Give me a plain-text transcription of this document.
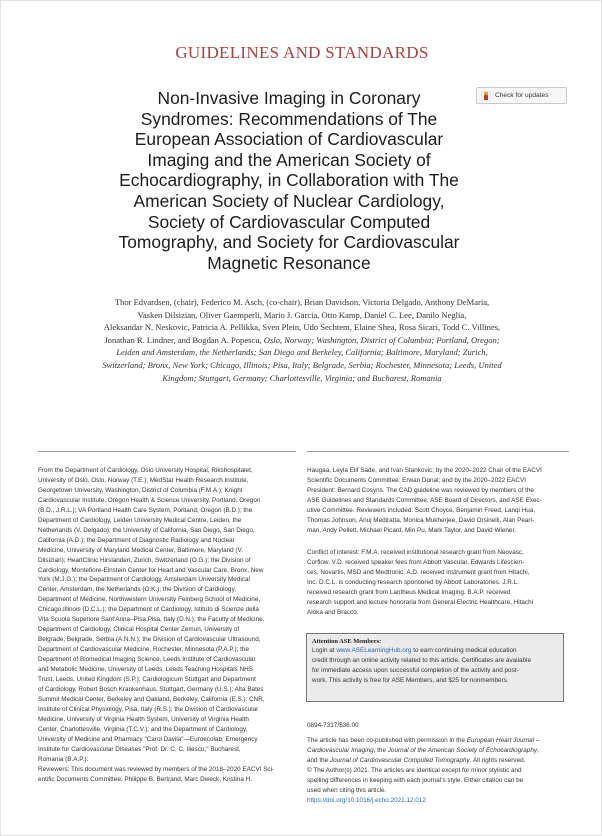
GUIDELINES AND STANDARDS
Check for updates
Non-Invasive Imaging in Coronary
Syndromes: Recommendations of The
European Association of Cardiovascular
Imaging and the American Society of
Echocardiography, in Collaboration with The
American Society of Nuclear Cardiology,
Society of Cardiovascular Computed
Tomography, and Society for Cardiovascular
Magnetic Resonance
Thor Edvardsen, (chair), Federico M. Asch, (co-chair), Brian Davidson, Victoria Delgado, Anthony DeMaria,
Vasken Dilsizian, Oliver Gaemperli, Mario J. Garcia, Otto Kamp, Daniel C. Lee, Danilo Neglia,
Aleksandar N. Neskovic, Patricia A. Pellikka, Sven Plein, Udo Sechtem, Elaine Shea, Rosa Sicari, Todd C. Villines,
Jonathan R. Lindner, and Bogdan A. Popescu, Oslo, Norway; Washington, District of Columbia; Portland, Oregon;
Leiden and Amsterdam, the Netherlands; San Diego and Berkeley, California; Baltimore, Maryland; Zurich,
Switzerland; Bronx, New York; Chicago, Illinois; Pisa, Italy; Belgrade, Serbia; Rochester, Minnesota; Leeds, United
Kingdom; Stuttgart, Germany; Charlottesville, Virginia; and Bucharest, Romania
From the Department of Cardiology, Oslo University Hospital, Rikshospitalet,
University of Oslo, Oslo, Norway (T.E.); MedStar Health Research Institute,
Georgetown University, Washington, District of Columbia (F.M.A.); Knight
Cardiovascular Institute, Oregon Health & Science University, Portland, Oregon
(B.D., J.R.L.); VA Portland Health Care System, Portland, Oregon (B.D.); the
Department of Cardiology, Leiden University Medical Centre, Leiden, the
Netherlands (V. Delgado); the University of California, San Diego, San Diego,
California (A.D.); the Department of Diagnostic Radiology and Nuclear
Medicine, University of Maryland Medical Center, Baltimore, Maryland (V.
Dilsizian); HeartClinic Hirslanden, Zurich, Switzerland (O.G.); the Division of
Cardiology, Montefiore-Einstein Center for Heart and Vascular Care, Bronx, New
York (M.J.G.); the Department of Cardiology, Amsterdam University Medical
Center, Amsterdam, the Netherlands (O.K.); the Division of Cardiology,
Department of Medicine, Northwestern University Feinberg School of Medicine,
Chicago,Illinois (D.C.L.); the Department of Cardiology, Istituto di Scienze della
Vita Scuola Superiore Sant'Anna–Pisa,Pisa, Italy (D.N.); the Faculty of Medicine,
Department of Cardiology, Clinical Hospital Center Zemun, University of
Belgrade, Belgrade, Serbia (A.N.N.); the Division of Cardiovascular Ultrasound,
Department of Cardiovascular Medicine, Rochester, Minnesota (P.A.P.); the
Department of Biomedical Imaging Science, Leeds Institute of Cardiovascular
and Metabolic Medicine, University of Leeds, Leeds Teaching Hospitals NHS
Trust, Leeds, United Kingdom (S.P.); Cardiologicum Stuttgart and Department
of Cardiology, Robert Bosch Krankenhaus, Stuttgart, Germany (U.S.); Alta Bates
Summit Medical Center, Berkeley and Oakland, Berkeley, California (E.S.); CNR,
Institute of Clinical Physiology, Pisa, Italy (R.S.); the Division of Cardiovascular
Medicine, University of Virginia Health System, University of Virginia Health
Center, Charlottesville, Virginia (T.C.V.); and the Department of Cardiology,
University of Medicine and Pharmacy "Carol Davila"—Euroecolab, Emergency
Institute for Cardiovascular Diseases "Prof. Dr. C. C. Iliescu," Bucharest,
Romania (B.A.P.).
Reviewers: This document was reviewed by members of the 2018–2020 EACVI Sci-
entific Documents Committee: Philippe B. Bertrand, Marc Dweck, Kristina H.
Haugaa, Leyla Elif Sade, and Ivan Stankovic; by the 2020–2022 Chair of the EACVI
Scientific Documents Committee: Erwan Donal; and by the 2020–2022 EACVI
President: Bernard Cosyns. The CAD guideline was reviewed by members of the
ASE Guidelines and Standards Committee, ASE Board of Directors, and ASE Exec-
utive Committee. Reviewers included: Scott Choyce, Benjamin Freed, Lanqi Hua,
Thomas Johnson, Anuj Mediratta, Monica Mukherjee, David Orsinelli, Alan Pearl-
man, Andy Pellett, Michael Picard, Min Pu, Mark Taylor, and David Wiener.
Conflict of interest: F.M.A. received institutional research grant from Neovasc,
Corflow. V.D. received speaker fees from Abbott Vascular, Edwards Lifescien-
ces, Novartis, MSD and Medtronic. A.D. received instrument grant from Hitachi,
Inc. D.C.L. is conducting research sponsored by Abbott Laboratories. J.R.L.
received research grant from Lantheus Medical Imaging. B.A.P. received
research support and lecture honoraria from General Electric Healthcare, Hitachi
Aloka and Bracco.
Attention ASE Members:
Login at www.ASELearningHub.org to earn continuing medical education
credit through an online activity related to this article. Certificates are available
for immediate access upon successful completion of the activity and post-
work. This activity is free for ASE Members, and $25 for nonmembers.
0894-7317/$36.00
The article has been co-published with permission in the European Heart Journal –
Cardiovascular Imaging, the Journal of the American Society of Echocardiography,
and the Journal of Cardiovascular Computed Tomography. All rights reserved.
© The Author(s) 2021. The articles are identical except for minor stylistic and
spelling differences in keeping with each journal's style. Either citation can be
used when citing this article.
https://doi.org/10.1016/j.echo.2021.12.012
